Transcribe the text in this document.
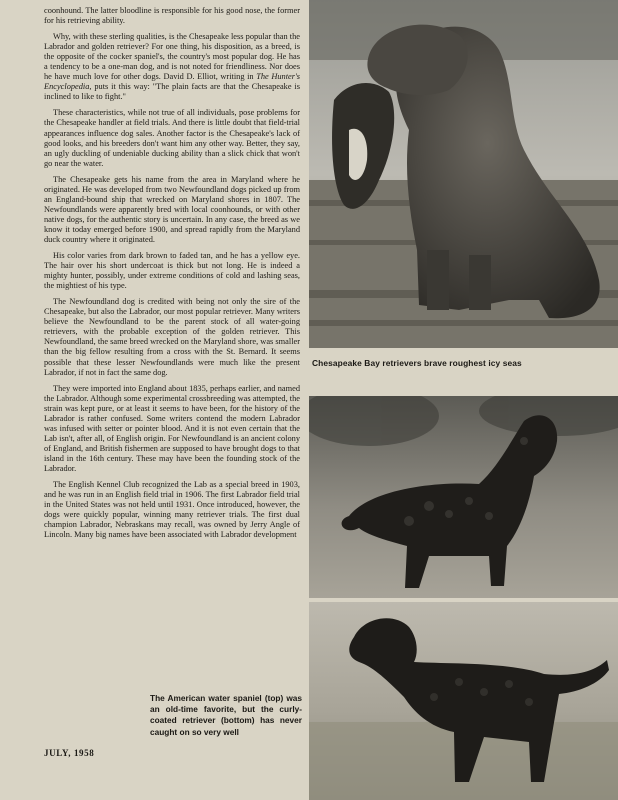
coonhound. The latter bloodline is responsible for his good nose, the former for his retrieving ability.

Why, with these sterling qualities, is the Chesapeake less popular than the Labrador and golden retriever? For one thing, his disposition, as a breed, is the opposite of the cocker spaniel's, the country's most popular dog. He has a tendency to be a one-man dog, and is not noted for friendliness. Nor does he have much love for other dogs. David D. Elliot, writing in The Hunter's Encyclopedia, puts it this way: "The plain facts are that the Chesapeake is inclined to like to fight."

These characteristics, while not true of all individuals, pose problems for the Chesapeake handler at field trials. And there is little doubt that field-trial appearances influence dog sales. Another factor is the Chesapeake's lack of good looks, and his breeders don't want him any other way. Better, they say, an ugly duckling of undeniable ducking ability than a slick chick that won't go near the water.

The Chesapeake gets his name from the area in Maryland where he originated. He was developed from two Newfoundland dogs picked up from an England-bound ship that wrecked on Maryland shores in 1807. The Newfoundlands were apparently bred with local coonhounds, or with other native dogs, for the authentic story is uncertain. In any case, the breed as we know it today emerged before 1900, and spread rapidly from the Maryland duck country where it originated.

His color varies from dark brown to faded tan, and he has a yellow eye. The hair over his short undercoat is thick but not long. He is indeed a mighty hunter, possibly, under extreme conditions of cold and lashing seas, the mightiest of his type.

The Newfoundland dog is credited with being not only the sire of the Chesapeake, but also the Labrador, our most popular retriever. Many writers believe the Newfoundland to be the parent stock of all water-going retrievers, with the probable exception of the golden retriever. This Newfoundland, the same breed wrecked on the Maryland shore, was smaller than the big fellow resulting from a cross with the St. Bernard. It seems possible that these lesser Newfoundlands were much like the present Labrador, if not in fact the same dog.

They were imported into England about 1835, perhaps earlier, and named the Labrador. Although some experimental crossbreeding was attempted, the strain was kept pure, or at least it seems to have been, for the history of the Labrador is rather confused. Some writers contend the modern Labrador was infused with setter or pointer blood. And it is not even certain that the Lab isn't, after all, of English origin. For Newfoundland is an ancient colony of England, and British fishermen are supposed to have brought dogs to that island in the 16th century. These may have been the founding stock of the Labrador.

The English Kennel Club recognized the Lab as a special breed in 1903, and he was run in an English field trial in 1906. The first Labrador field trial in the United States was not held until 1931. Once introduced, however, the dogs were quickly popular, winning many retriever trials. The first dual champion Labrador, Nebraskans may recall, was owned by Jerry Angle of Lincoln. Many big names have been associated with Labrador development

Chesapeake Bay retrievers brave roughest icy seas
The American water spaniel (top) was an old-time favorite, but the curly-coated retriever (bottom) has never caught on so very well
JULY, 1958
